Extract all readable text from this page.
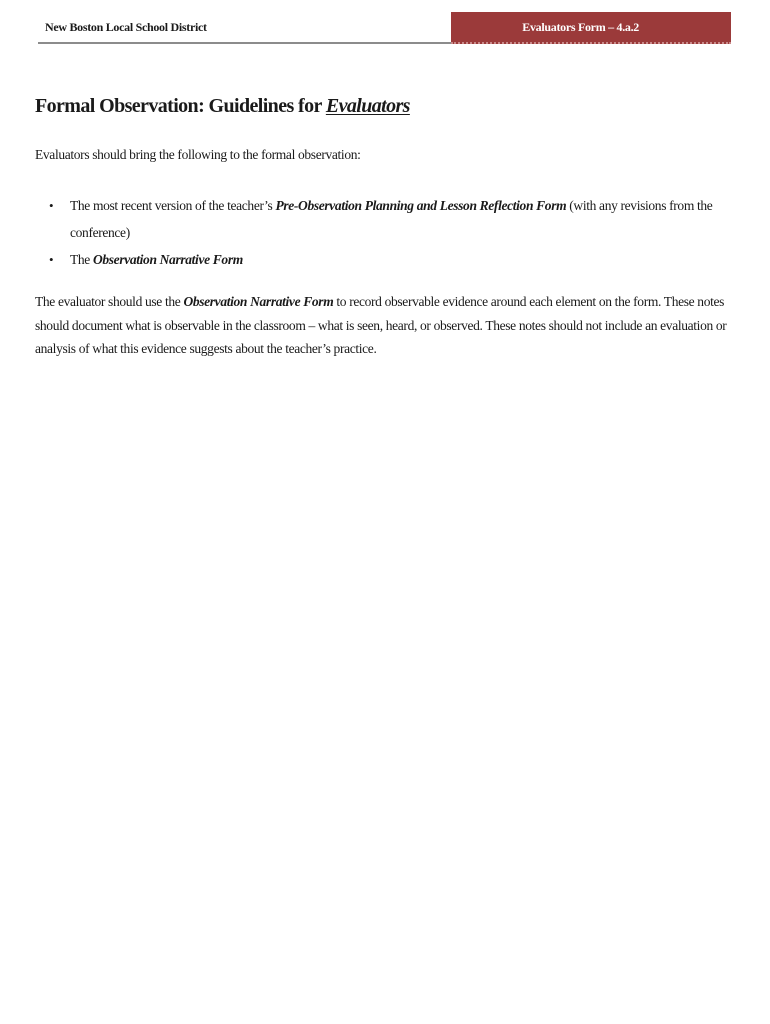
New Boston Local School District	Evaluators Form – 4.a.2
Formal Observation: Guidelines for Evaluators

Evaluators should bring the following to the formal observation:

• The most recent version of the teacher’s Pre-Observation Planning and Lesson Reflection Form (with any revisions from the conference)
• The Observation Narrative Form

The evaluator should use the Observation Narrative Form to record observable evidence around each element on the form. These notes should document what is observable in the classroom – what is seen, heard, or observed. These notes should not include an evaluation or analysis of what this evidence suggests about the teacher’s practice.
